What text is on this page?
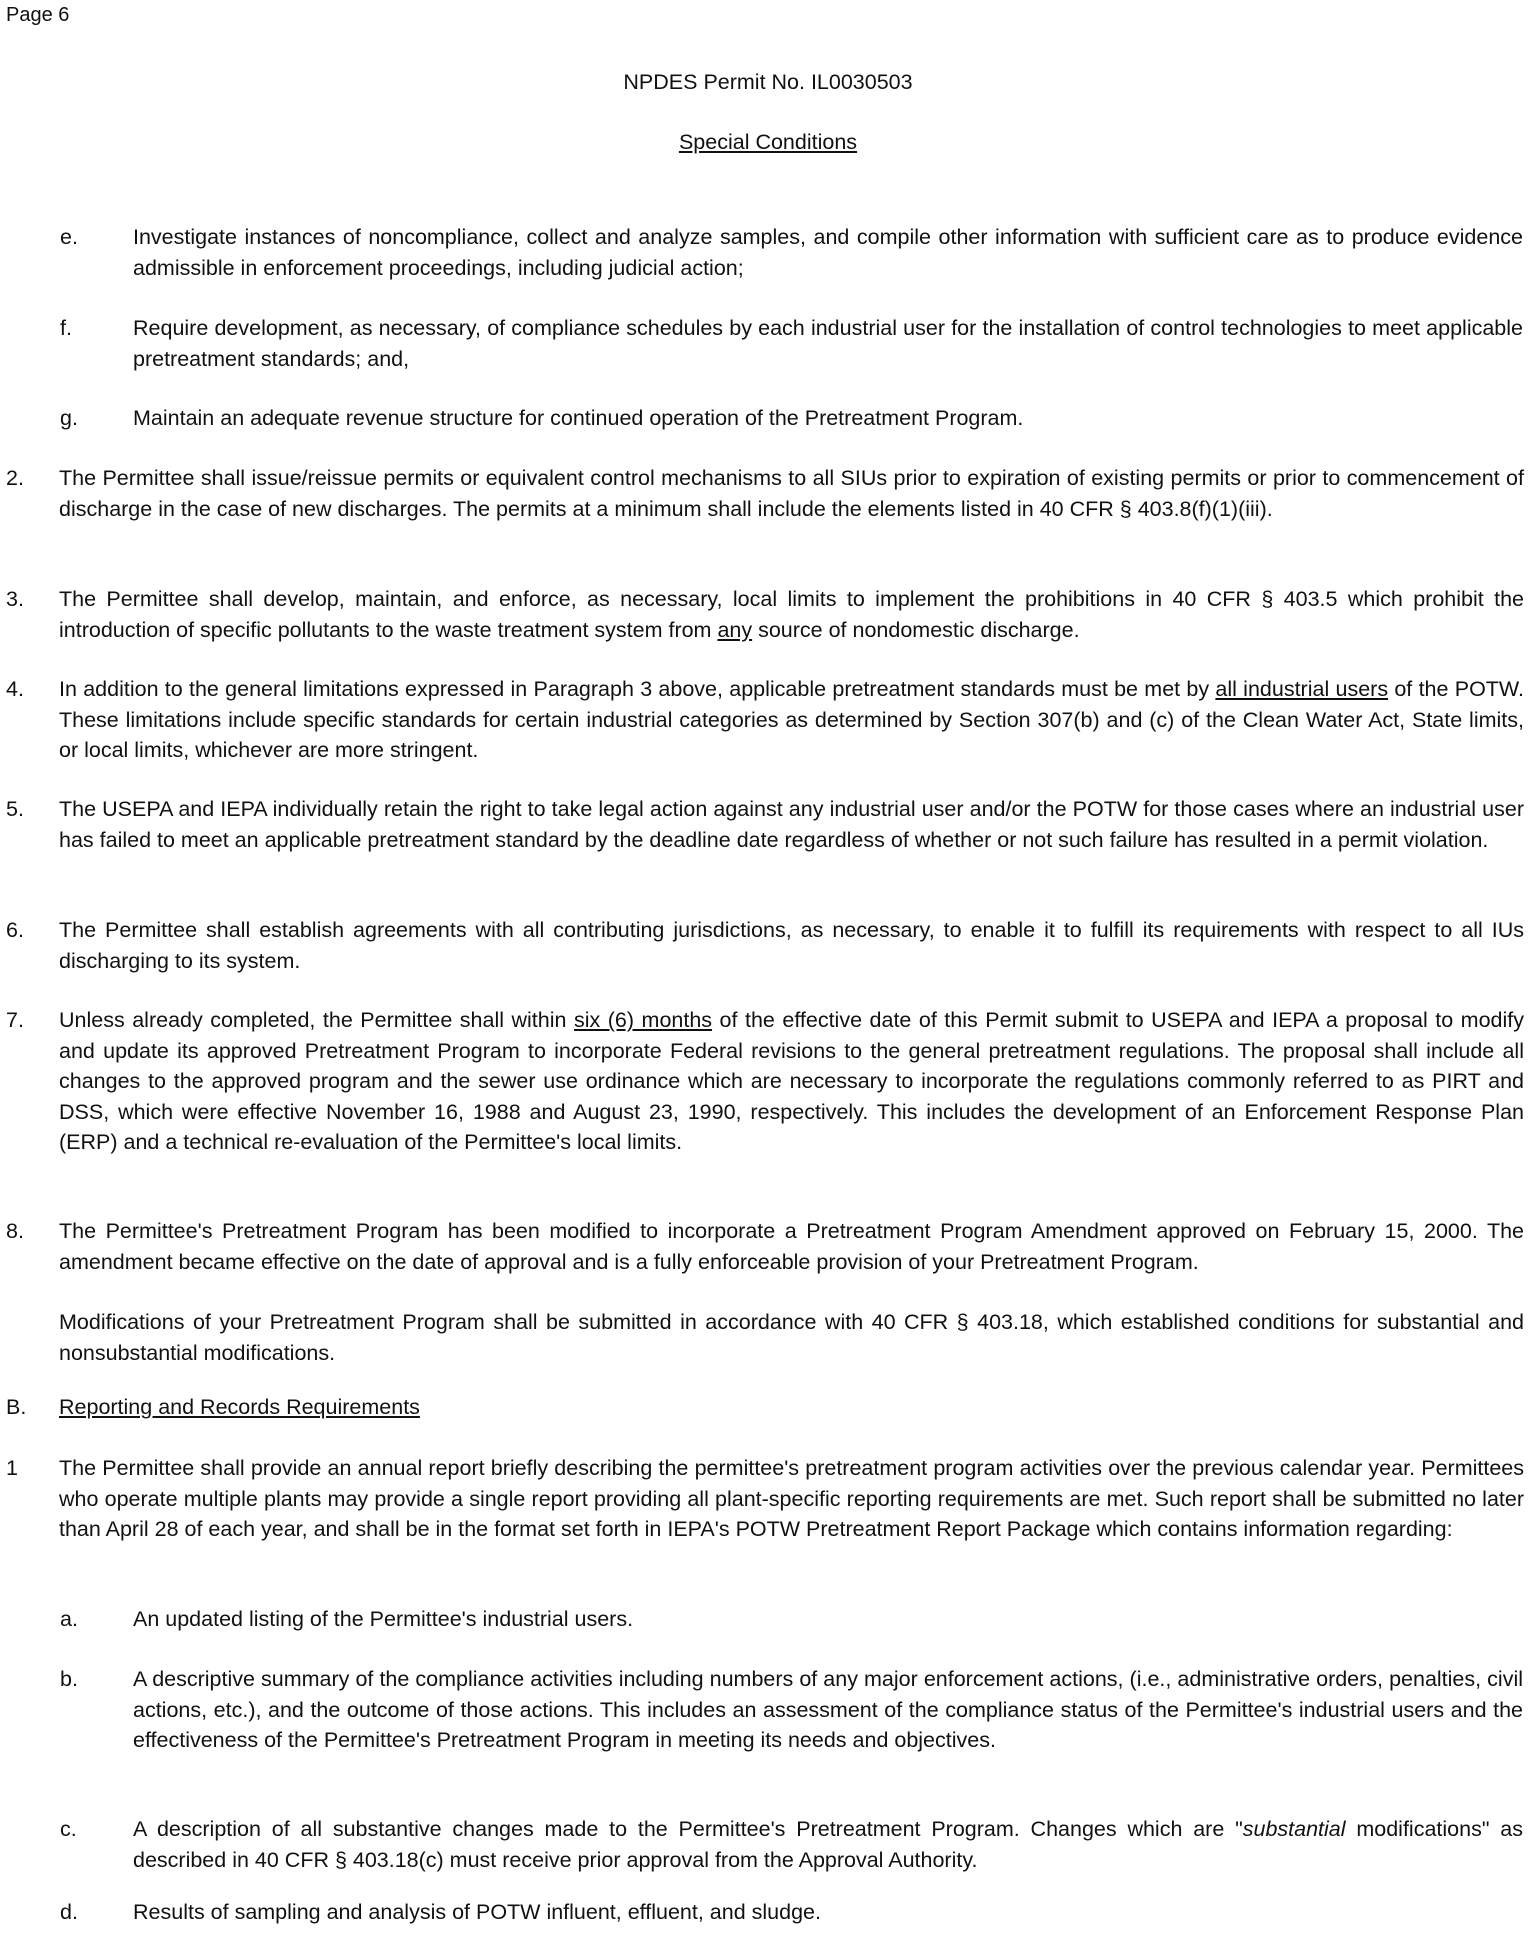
Page 6
NPDES Permit No. IL0030503
Special Conditions
e.	Investigate instances of noncompliance, collect and analyze samples, and compile other information with sufficient care as to produce evidence admissible in enforcement proceedings, including judicial action;
f.	Require development, as necessary, of compliance schedules by each industrial user for the installation of control technologies to meet applicable pretreatment standards; and,
g.	Maintain an adequate revenue structure for continued operation of the Pretreatment Program.
2. The Permittee shall issue/reissue permits or equivalent control mechanisms to all SIUs prior to expiration of existing permits or prior to commencement of discharge in the case of new discharges. The permits at a minimum shall include the elements listed in 40 CFR § 403.8(f)(1)(iii).
3. The Permittee shall develop, maintain, and enforce, as necessary, local limits to implement the prohibitions in 40 CFR § 403.5 which prohibit the introduction of specific pollutants to the waste treatment system from any source of nondomestic discharge.
4. In addition to the general limitations expressed in Paragraph 3 above, applicable pretreatment standards must be met by all industrial users of the POTW. These limitations include specific standards for certain industrial categories as determined by Section 307(b) and (c) of the Clean Water Act, State limits, or local limits, whichever are more stringent.
5. The USEPA and IEPA individually retain the right to take legal action against any industrial user and/or the POTW for those cases where an industrial user has failed to meet an applicable pretreatment standard by the deadline date regardless of whether or not such failure has resulted in a permit violation.
6. The Permittee shall establish agreements with all contributing jurisdictions, as necessary, to enable it to fulfill its requirements with respect to all IUs discharging to its system.
7. Unless already completed, the Permittee shall within six (6) months of the effective date of this Permit submit to USEPA and IEPA a proposal to modify and update its approved Pretreatment Program to incorporate Federal revisions to the general pretreatment regulations. The proposal shall include all changes to the approved program and the sewer use ordinance which are necessary to incorporate the regulations commonly referred to as PIRT and DSS, which were effective November 16, 1988 and August 23, 1990, respectively. This includes the development of an Enforcement Response Plan (ERP) and a technical re-evaluation of the Permittee's local limits.
8. The Permittee's Pretreatment Program has been modified to incorporate a Pretreatment Program Amendment approved on February 15, 2000. The amendment became effective on the date of approval and is a fully enforceable provision of your Pretreatment Program.
Modifications of your Pretreatment Program shall be submitted in accordance with 40 CFR § 403.18, which established conditions for substantial and nonsubstantial modifications.
B. Reporting and Records Requirements
1 The Permittee shall provide an annual report briefly describing the permittee's pretreatment program activities over the previous calendar year. Permittees who operate multiple plants may provide a single report providing all plant-specific reporting requirements are met. Such report shall be submitted no later than April 28 of each year, and shall be in the format set forth in IEPA's POTW Pretreatment Report Package which contains information regarding:
a.	An updated listing of the Permittee's industrial users.
b.	A descriptive summary of the compliance activities including numbers of any major enforcement actions, (i.e., administrative orders, penalties, civil actions, etc.), and the outcome of those actions. This includes an assessment of the compliance status of the Permittee's industrial users and the effectiveness of the Permittee's Pretreatment Program in meeting its needs and objectives.
c.	A description of all substantive changes made to the Permittee's Pretreatment Program. Changes which are "substantial modifications" as described in 40 CFR § 403.18(c) must receive prior approval from the Approval Authority.
d.	Results of sampling and analysis of POTW influent, effluent, and sludge.
